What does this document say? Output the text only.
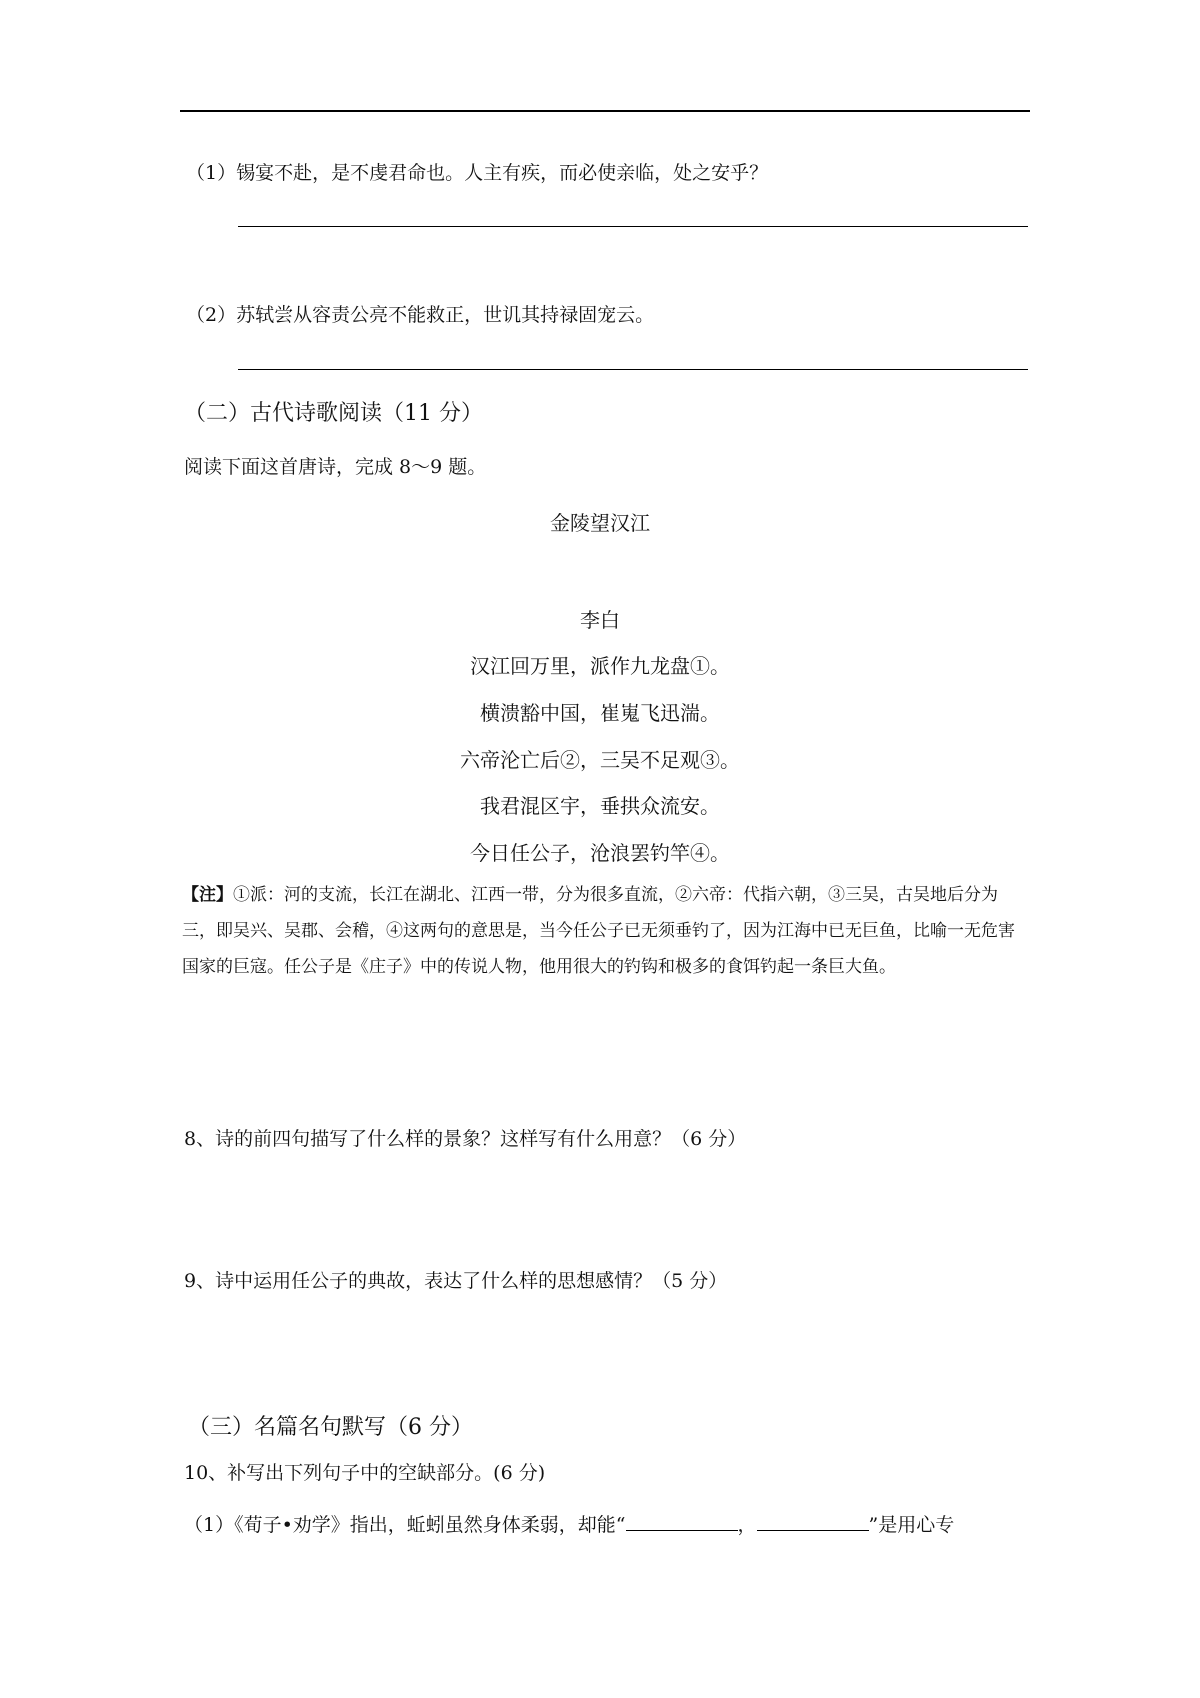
（1）锡宴不赴，是不虔君命也。人主有疾，而必使亲临，处之安乎？
（2）苏轼尝从容责公亮不能救正，世讥其持禄固宠云。
（二）古代诗歌阅读（11 分）
阅读下面这首唐诗，完成 8～9 题。
金陵望汉江
李白
汉江回万里，派作九龙盘①。
横溃豁中国，崔嵬飞迅湍。
六帝沦亡后②，三吴不足观③。
我君混区宇，垂拱众流安。
今日任公子，沧浪罢钓竿④。
【注】①派：河的支流，长江在湖北、江西一带，分为很多直流，②六帝：代指六朝，③三吴，古吴地后分为三，即吴兴、吴郡、会稽，④这两句的意思是，当今任公子已无须垂钓了，因为江海中已无巨鱼，比喻一无危害国家的巨寇。任公子是《庄子》中的传说人物，他用很大的钓钩和极多的食饵钓起一条巨大鱼。
8、诗的前四句描写了什么样的景象？这样写有什么用意？（6 分）
9、诗中运用任公子的典故，表达了什么样的思想感情？（5 分）
（三）名篇名句默写（6 分）
10、补写出下列句子中的空缺部分。(6 分)
（1）《荀子•劝学》指出，蚯蚓虽然身体柔弱，却能“	，	”是用心专
